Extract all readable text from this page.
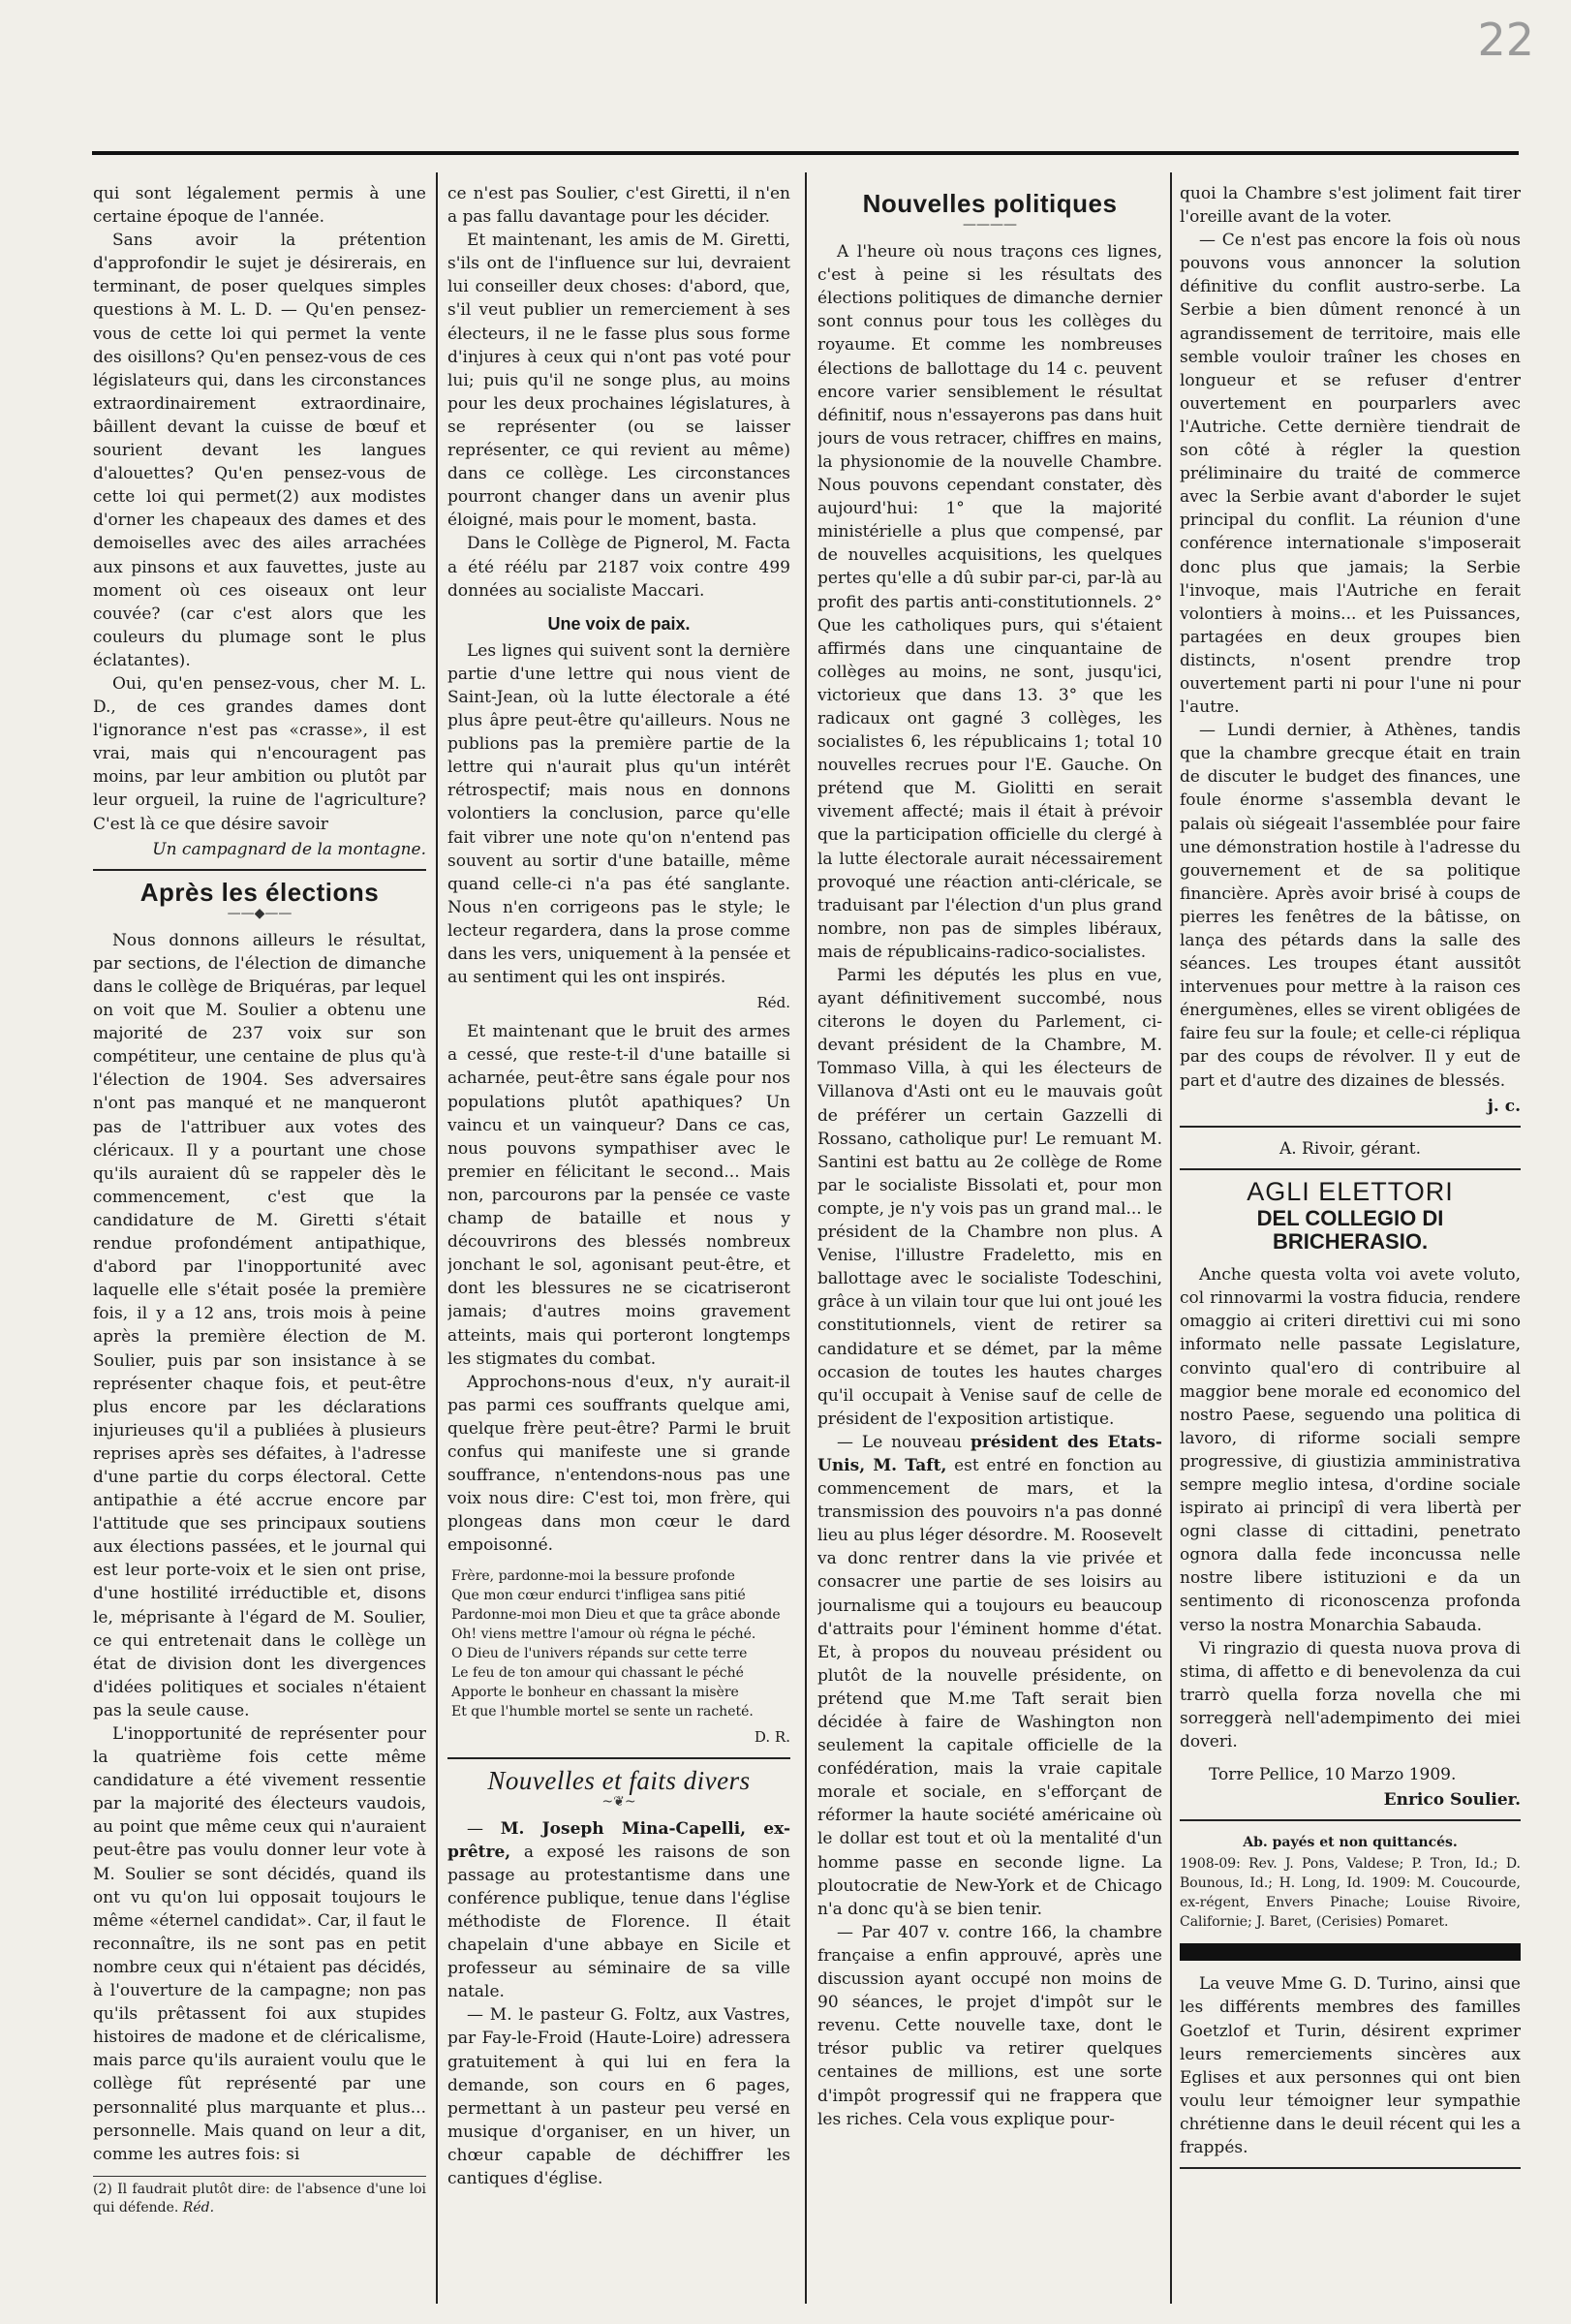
22

qui sont légalement permis à une certaine époque de l'année.

Sans avoir la prétention d'approfondir le sujet je désirerais, en terminant, de poser quelques simples questions à M. L. D. — Qu'en pensez-vous de cette loi qui permet la vente des oisillons? Qu'en pensez-vous de ces législateurs qui, dans les circonstances extraordinairement extraordinaire, bâillent devant la cuisse de bœuf et sourient devant les langues d'alouettes? Qu'en pensez-vous de cette loi qui permet(2) aux modistes d'orner les chapeaux des dames et des demoiselles avec des ailes arrachées aux pinsons et aux fauvettes, juste au moment où ces oiseaux ont leur couvée? (car c'est alors que les couleurs du plumage sont le plus éclatantes).

Oui, qu'en pensez-vous, cher M. L. D., de ces grandes dames dont l'ignorance n'est pas «crasse», il est vrai, mais qui n'encouragent pas moins, par leur ambition ou plutôt par leur orgueil, la ruine de l'agriculture? C'est là ce que désire savoir

Un campagnard de la montagne.
Après les élections
——◆——

Nous donnons ailleurs le résultat, par sections, de l'élection de dimanche dans le collège de Briquéras, par lequel on voit que M. Soulier a obtenu une majorité de 237 voix sur son compétiteur, une centaine de plus qu'à l'élection de 1904. Ses adversaires n'ont pas manqué et ne manqueront pas de l'attribuer aux votes des cléricaux. Il y a pourtant une chose qu'ils auraient dû se rappeler dès le commencement, c'est que la candidature de M. Giretti s'était rendue profondément antipathique, d'abord par l'inopportunité avec laquelle elle s'était posée la première fois, il y a 12 ans, trois mois à peine après la première élection de M. Soulier, puis par son insistance à se représenter chaque fois, et peut-être plus encore par les déclarations injurieuses qu'il a publiées à plusieurs reprises après ses défaites, à l'adresse d'une partie du corps électoral. Cette antipathie a été accrue encore par l'attitude que ses principaux soutiens aux élections passées, et le journal qui est leur porte-voix et le sien ont prise, d'une hostilité irréductible et, disons le, méprisante à l'égard de M. Soulier, ce qui entretenait dans le collège un état de division dont les divergences d'idées politiques et sociales n'étaient pas la seule cause.

L'inopportunité de représenter pour la quatrième fois cette même candidature a été vivement ressentie par la majorité des électeurs vaudois, au point que même ceux qui n'auraient peut-être pas voulu donner leur vote à M. Soulier se sont décidés, quand ils ont vu qu'on lui opposait toujours le même «éternel candidat». Car, il faut le reconnaître, ils ne sont pas en petit nombre ceux qui n'étaient pas décidés, à l'ouverture de la campagne; non pas qu'ils prêtassent foi aux stupides histoires de madone et de cléricalisme, mais parce qu'ils auraient voulu que le collège fût représenté par une personnalité plus marquante et plus... personnelle. Mais quand on leur a dit, comme les autres fois: si

(2) Il faudrait plutôt dire: de l'absence d'une loi qui défende. Réd.

ce n'est pas Soulier, c'est Giretti, il n'en a pas fallu davantage pour les décider.

Et maintenant, les amis de M. Giretti, s'ils ont de l'influence sur lui, devraient lui conseiller deux choses: d'abord, que, s'il veut publier un remerciement à ses électeurs, il ne le fasse plus sous forme d'injures à ceux qui n'ont pas voté pour lui; puis qu'il ne songe plus, au moins pour les deux prochaines législatures, à se représenter (ou se laisser représenter, ce qui revient au même) dans ce collège. Les circonstances pourront changer dans un avenir plus éloigné, mais pour le moment, basta.

Dans le Collège de Pignerol, M. Facta a été réélu par 2187 voix contre 499 données au socialiste Maccari.

Une voix de paix.

Les lignes qui suivent sont la dernière partie d'une lettre qui nous vient de Saint-Jean, où la lutte électorale a été plus âpre peut-être qu'ailleurs. Nous ne publions pas la première partie de la lettre qui n'aurait plus qu'un intérêt rétrospectif; mais nous en donnons volontiers la conclusion, parce qu'elle fait vibrer une note qu'on n'entend pas souvent au sortir d'une bataille, même quand celle-ci n'a pas été sanglante. Nous n'en corrigeons pas le style; le lecteur regardera, dans la prose comme dans les vers, uniquement à la pensée et au sentiment qui les ont inspirés.

Réd.

Et maintenant que le bruit des armes a cessé, que reste-t-il d'une bataille si acharnée, peut-être sans égale pour nos populations plutôt apathiques? Un vaincu et un vainqueur? Dans ce cas, nous pouvons sympathiser avec le premier en félicitant le second... Mais non, parcourons par la pensée ce vaste champ de bataille et nous y découvrirons des blessés nombreux jonchant le sol, agonisant peut-être, et dont les blessures ne se cicatriseront jamais; d'autres moins gravement atteints, mais qui porteront longtemps les stigmates du combat.

Approchons-nous d'eux, n'y aurait-il pas parmi ces souffrants quelque ami, quelque frère peut-être? Parmi le bruit confus qui manifeste une si grande souffrance, n'entendons-nous pas une voix nous dire: C'est toi, mon frère, qui plongeas dans mon cœur le dard empoisonné.

Frère, pardonne-moi la bessure profonde
Que mon cœur endurci t'infligea sans pitié
Pardonne-moi mon Dieu et que ta grâce abonde
Oh! viens mettre l'amour où régna le péché.
O Dieu de l'univers répands sur cette terre
Le feu de ton amour qui chassant le péché
Apporte le bonheur en chassant la misère
Et que l'humble mortel se sente un racheté.
D. R.
Nouvelles et faits divers
~❦~

— M. Joseph Mina-Capelli, ex-prêtre, a exposé les raisons de son passage au protestantisme dans une conférence publique, tenue dans l'église méthodiste de Florence. Il était chapelain d'une abbaye en Sicile et professeur au séminaire de sa ville natale.

— M. le pasteur G. Foltz, aux Vastres, par Fay-le-Froid (Haute-Loire) adressera gratuitement à qui lui en fera la demande, son cours en 6 pages, permettant à un pasteur peu versé en musique d'organiser, en un hiver, un chœur capable de déchiffrer les cantiques d'église.

Nouvelles politiques
————

A l'heure où nous traçons ces lignes, c'est à peine si les résultats des élections politiques de dimanche dernier sont connus pour tous les collèges du royaume. Et comme les nombreuses élections de ballottage du 14 c. peuvent encore varier sensiblement le résultat définitif, nous n'essayerons pas dans huit jours de vous retracer, chiffres en mains, la physionomie de la nouvelle Chambre. Nous pouvons cependant constater, dès aujourd'hui: 1° que la majorité ministérielle a plus que compensé, par de nouvelles acquisitions, les quelques pertes qu'elle a dû subir par-ci, par-là au profit des partis anti-constitutionnels. 2° Que les catholiques purs, qui s'étaient affirmés dans une cinquantaine de collèges au moins, ne sont, jusqu'ici, victorieux que dans 13. 3° que les radicaux ont gagné 3 collèges, les socialistes 6, les républicains 1; total 10 nouvelles recrues pour l'E. Gauche. On prétend que M. Giolitti en serait vivement affecté; mais il était à prévoir que la participation officielle du clergé à la lutte électorale aurait nécessairement provoqué une réaction anti-cléricale, se traduisant par l'élection d'un plus grand nombre, non pas de simples libéraux, mais de républicains-radico-socialistes.

Parmi les députés les plus en vue, ayant définitivement succombé, nous citerons le doyen du Parlement, ci-devant président de la Chambre, M. Tommaso Villa, à qui les électeurs de Villanova d'Asti ont eu le mauvais goût de préférer un certain Gazzelli di Rossano, catholique pur! Le remuant M. Santini est battu au 2e collège de Rome par le socialiste Bissolati et, pour mon compte, je n'y vois pas un grand mal... le président de la Chambre non plus. A Venise, l'illustre Fradeletto, mis en ballottage avec le socialiste Todeschini, grâce à un vilain tour que lui ont joué les constitutionnels, vient de retirer sa candidature et se démet, par la même occasion de toutes les hautes charges qu'il occupait à Venise sauf de celle de président de l'exposition artistique.

— Le nouveau président des Etats-Unis, M. Taft, est entré en fonction au commencement de mars, et la transmission des pouvoirs n'a pas donné lieu au plus léger désordre. M. Roosevelt va donc rentrer dans la vie privée et consacrer une partie de ses loisirs au journalisme qui a toujours eu beaucoup d'attraits pour l'éminent homme d'état. Et, à propos du nouveau président ou plutôt de la nouvelle présidente, on prétend que M.me Taft serait bien décidée à faire de Washington non seulement la capitale officielle de la confédération, mais la vraie capitale morale et sociale, en s'efforçant de réformer la haute société américaine où le dollar est tout et où la mentalité d'un homme passe en seconde ligne. La ploutocratie de New-York et de Chicago n'a donc qu'à se bien tenir.

— Par 407 v. contre 166, la chambre française a enfin approuvé, après une discussion ayant occupé non moins de 90 séances, le projet d'impôt sur le revenu. Cette nouvelle taxe, dont le trésor public va retirer quelques centaines de millions, est une sorte d'impôt progressif qui ne frappera que les riches. Cela vous explique pour-

quoi la Chambre s'est joliment fait tirer l'oreille avant de la voter.

— Ce n'est pas encore la fois où nous pouvons vous annoncer la solution définitive du conflit austro-serbe. La Serbie a bien dûment renoncé à un agrandissement de territoire, mais elle semble vouloir traîner les choses en longueur et se refuser d'entrer ouvertement en pourparlers avec l'Autriche. Cette dernière tiendrait de son côté à régler la question préliminaire du traité de commerce avec la Serbie avant d'aborder le sujet principal du conflit. La réunion d'une conférence internationale s'imposerait donc plus que jamais; la Serbie l'invoque, mais l'Autriche en ferait volontiers à moins... et les Puissances, partagées en deux groupes bien distincts, n'osent prendre trop ouvertement parti ni pour l'une ni pour l'autre.

— Lundi dernier, à Athènes, tandis que la chambre grecque était en train de discuter le budget des finances, une foule énorme s'assembla devant le palais où siégeait l'assemblée pour faire une démonstration hostile à l'adresse du gouvernement et de sa politique financière. Après avoir brisé à coups de pierres les fenêtres de la bâtisse, on lança des pétards dans la salle des séances. Les troupes étant aussitôt intervenues pour mettre à la raison ces énergumènes, elles se virent obligées de faire feu sur la foule; et celle-ci répliqua par des coups de révolver. Il y eut de part et d'autre des dizaines de blessés.

j. c.

A. Rivoir, gérant.

AGLI ELETTORI
DEL COLLEGIO DI BRICHERASIO.

Anche questa volta voi avete voluto, col rinnovarmi la vostra fiducia, rendere omaggio ai criteri direttivi cui mi sono informato nelle passate Legislature, convinto qual'ero di contribuire al maggior bene morale ed economico del nostro Paese, seguendo una politica di lavoro, di riforme sociali sempre progressive, di giustizia amministrativa sempre meglio intesa, d'ordine sociale ispirato ai principî di vera libertà per ogni classe di cittadini, penetrato ognora dalla fede inconcussa nelle nostre libere istituzioni e da un sentimento di riconoscenza profonda verso la nostra Monarchia Sabauda.

Vi ringrazio di questa nuova prova di stima, di affetto e di benevolenza da cui trarrò quella forza novella che mi sorreggerà nell'adempimento dei miei doveri.

Torre Pellice, 10 Marzo 1909.

Enrico Soulier.
Ab. payés et non quittancés.

1908-09: Rev. J. Pons, Valdese; P. Tron, Id.; D. Bounous, Id.; H. Long, Id. 1909: M. Coucourde, ex-régent, Envers Pinache; Louise Rivoire, Californie; J. Baret, (Cerisies) Pomaret.

La veuve Mme G. D. Turino, ainsi que les différents membres des familles Goetzlof et Turin, désirent exprimer leurs remerciements sincères aux Eglises et aux personnes qui ont bien voulu leur témoigner leur sympathie chrétienne dans le deuil récent qui les a frappés.
